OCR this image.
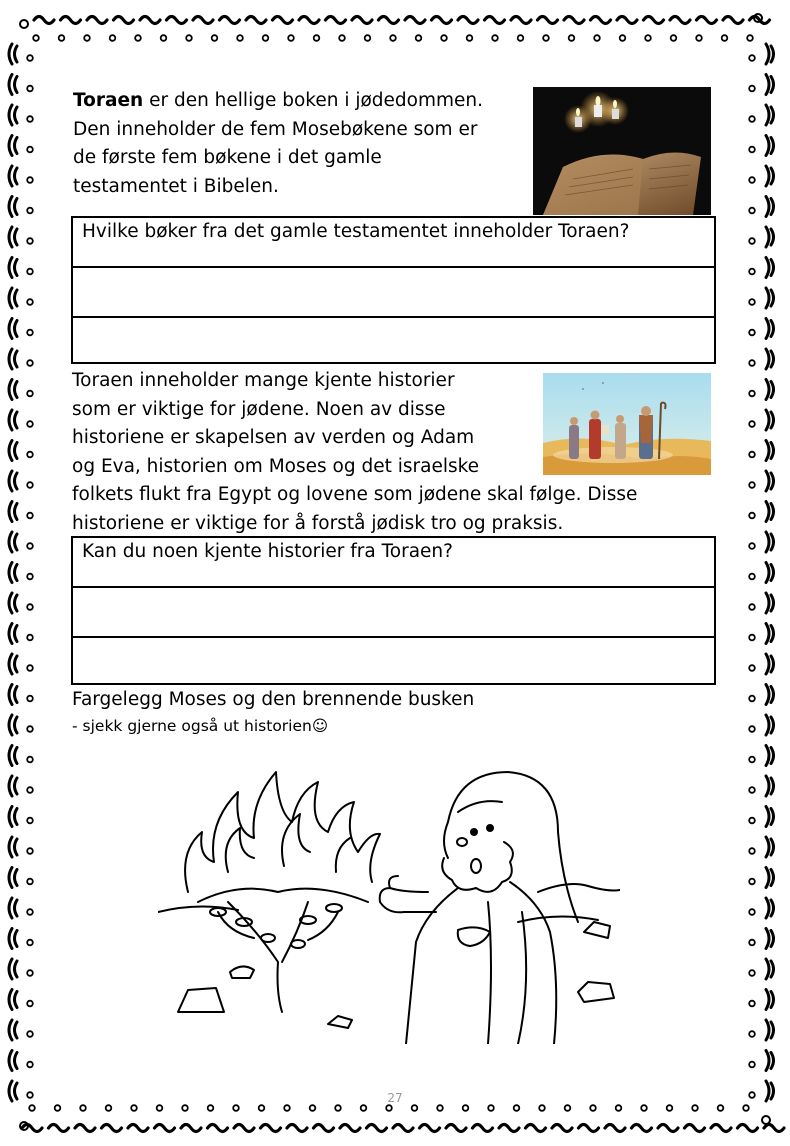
Toraen er den hellige boken i jødedommen.
Den inneholder de fem Mosebøkene som er
de første fem bøkene i det gamle
testamentet i Bibelen.
Hvilke bøker fra det gamle testamentet inneholder Toraen?
Toraen inneholder mange kjente historier
som er viktige for jødene. Noen av disse
historiene er skapelsen av verden og Adam
og Eva, historien om Moses og det israelske
folkets flukt fra Egypt og lovene som jødene skal følge. Disse
historiene er viktige for å forstå jødisk tro og praksis.
Kan du noen kjente historier fra Toraen?
Fargelegg Moses og den brennende busken
- sjekk gjerne også ut historien☺
27
